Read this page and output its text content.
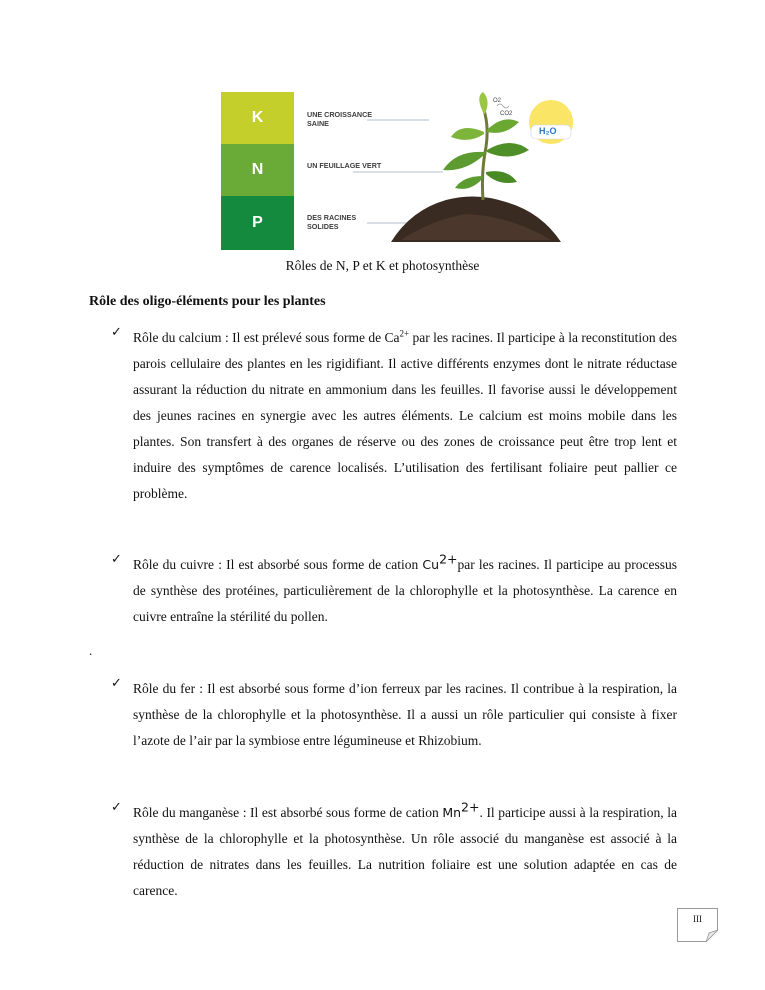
K
N
P
UNE CROISSANCE SAINE
UN FEUILLAGE VERT
DES RACINES SOLIDES
O2
CO2
H₂O
Rôles de N, P et K et photosynthèse
Rôle des oligo-éléments pour les plantes
✓ Rôle du calcium : Il est prélevé sous forme de $Ca^{2+}$ par les racines. Il participe à la reconstitution des parois cellulaire des plantes en les rigidifiant. Il active différents enzymes dont le nitrate réductase assurant la réduction du nitrate en ammonium dans les feuilles. Il favorise aussi le développement des jeunes racines en synergie avec les autres éléments. Le calcium est moins mobile dans les plantes. Son transfert à des organes de réserve ou des zones de croissance peut être trop lent et induire des symptômes de carence localisés. L’utilisation des fertilisant foliaire peut pallier ce problème.
✓ Rôle du cuivre : Il est absorbé sous forme de cation $Cu^{2+}par$ les racines. Il participe au processus de synthèse des protéines, particulièrement de la chlorophylle et la photosynthèse. La carence en cuivre entraîne la stérilité du pollen.
.
✓ Rôle du fer : Il est absorbé sous forme d’ion ferreux par les racines. Il contribue à la respiration, la synthèse de la chlorophylle et la photosynthèse. Il a aussi un rôle particulier qui consiste à fixer l’azote de l’air par la symbiose entre légumineuse et Rhizobium.
✓ Rôle du manganèse : Il est absorbé sous forme de cation $Mn^{2+}$. Il participe aussi à la respiration, la synthèse de la chlorophylle et la photosynthèse. Un rôle associé du manganèse est associé à la réduction de nitrates dans les feuilles. La nutrition foliaire est une solution adaptée en cas de carence.
III
